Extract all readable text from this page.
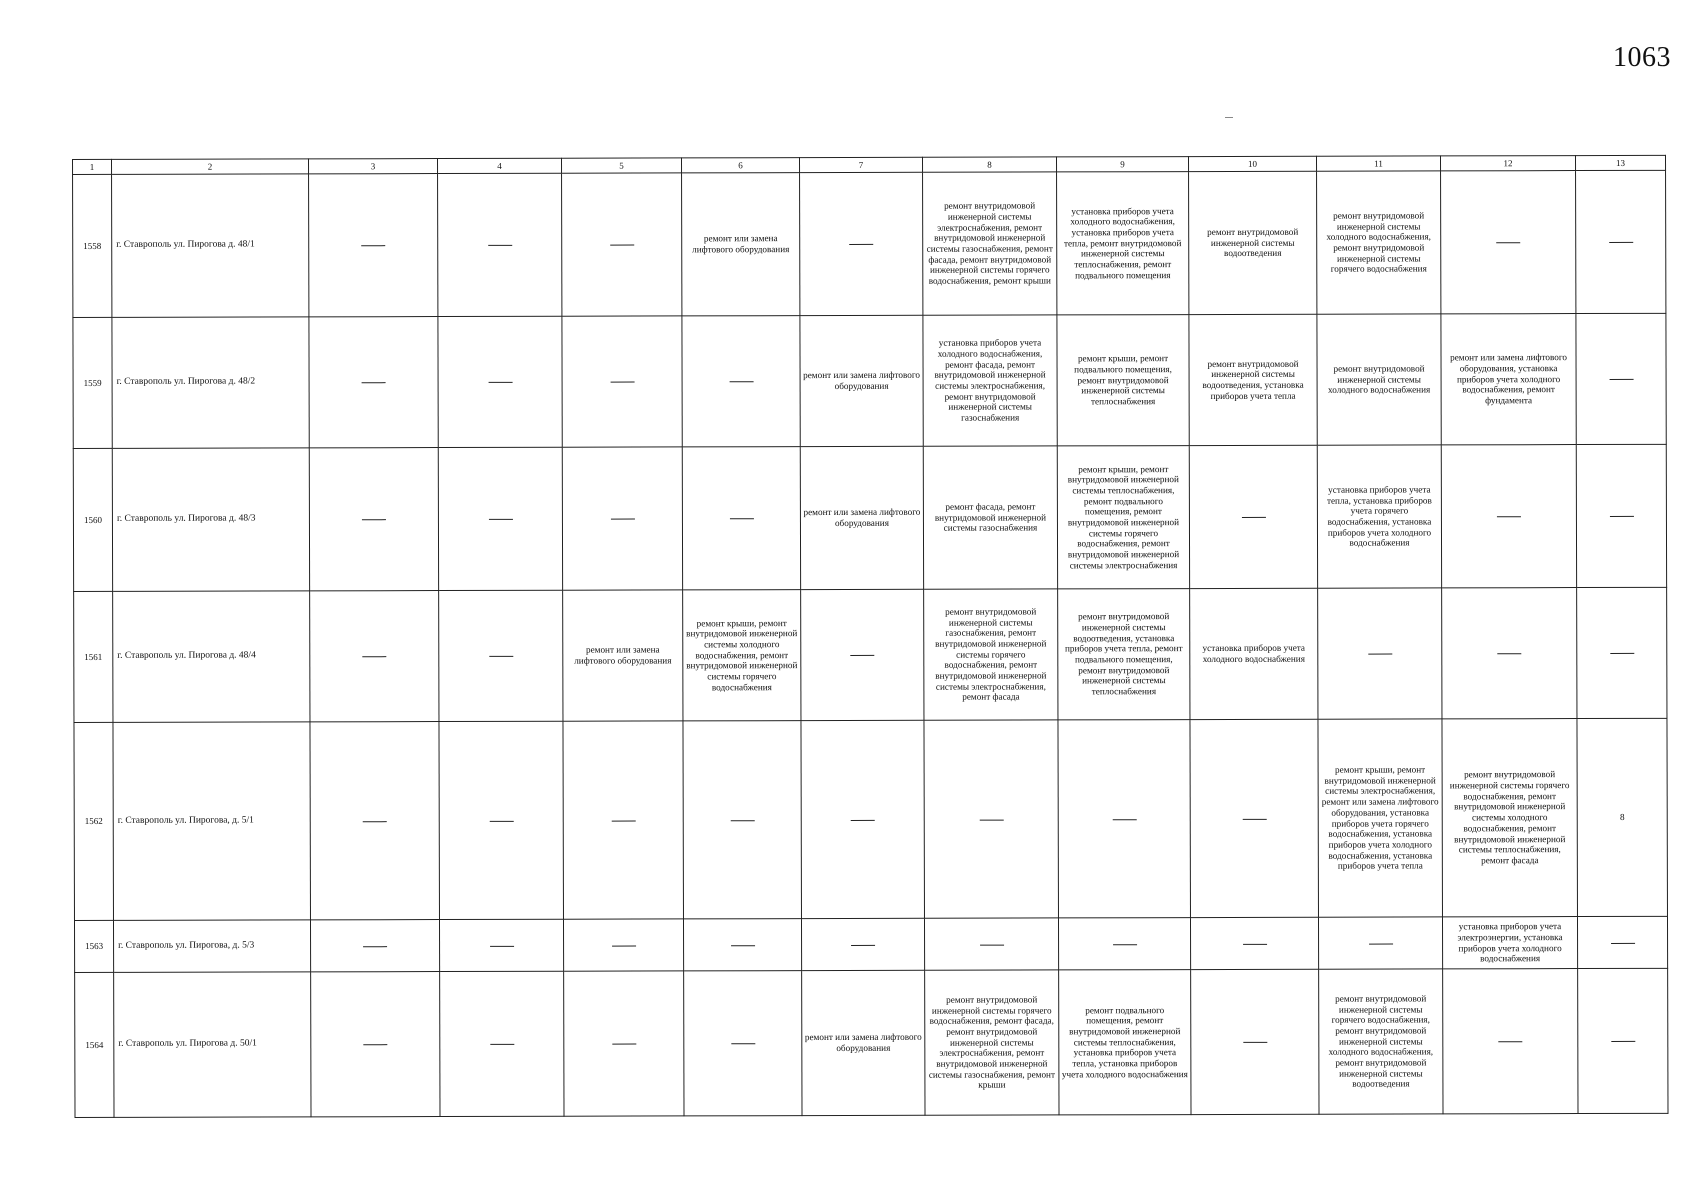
1063
1	2	3	4	5	6	7	8	9	10	11	12	13
1558	г. Ставрополь ул. Пирогова д. 48/1				ремонт или замена лифтового оборудования		ремонт внутридомовой инженерной системы электроснабжения, ремонт внутридомовой инженерной системы газоснабжения, ремонт фасада, ремонт внутридомовой инженерной системы горячего водоснабжения, ремонт крыши	установка приборов учета холодного водоснабжения, установка приборов учета тепла, ремонт внутридомовой инженерной системы теплоснабжения, ремонт подвального помещения	ремонт внутридомовой инженерной системы водоотведения	ремонт внутридомовой инженерной системы холодного водоснабжения, ремонт внутридомовой инженерной системы горячего водоснабжения		
1559	г. Ставрополь ул. Пирогова д. 48/2					ремонт или замена лифтового оборудования	установка приборов учета холодного водоснабжения, ремонт фасада, ремонт внутридомовой инженерной системы электроснабжения, ремонт внутридомовой инженерной системы газоснабжения	ремонт крыши, ремонт подвального помещения, ремонт внутридомовой инженерной системы теплоснабжения	ремонт внутридомовой инженерной системы водоотведения, установка приборов учета тепла	ремонт внутридомовой инженерной системы холодного водоснабжения	ремонт или замена лифтового оборудования, установка приборов учета холодного водоснабжения, ремонт фундамента	
1560	г. Ставрополь ул. Пирогова д. 48/3					ремонт или замена лифтового оборудования	ремонт фасада, ремонт внутридомовой инженерной системы газоснабжения	ремонт крыши, ремонт внутридомовой инженерной системы теплоснабжения, ремонт подвального помещения, ремонт внутридомовой инженерной системы горячего водоснабжения, ремонт внутридомовой инженерной системы электроснабжения		установка приборов учета тепла, установка приборов учета горячего водоснабжения, установка приборов учета холодного водоснабжения		
1561	г. Ставрополь ул. Пирогова д. 48/4			ремонт или замена лифтового оборудования	ремонт крыши, ремонт внутридомовой инженерной системы холодного водоснабжения, ремонт внутридомовой инженерной системы горячего водоснабжения		ремонт внутридомовой инженерной системы газоснабжения, ремонт внутридомовой инженерной системы горячего водоснабжения, ремонт внутридомовой инженерной системы электроснабжения, ремонт фасада	ремонт внутридомовой инженерной системы водоотведения, установка приборов учета тепла, ремонт подвального помещения, ремонт внутридомовой инженерной системы теплоснабжения	установка приборов учета холодного водоснабжения			
1562	г. Ставрополь ул. Пирогова, д. 5/1									ремонт крыши, ремонт внутридомовой инженерной системы электроснабжения, ремонт или замена лифтового оборудования, установка приборов учета горячего водоснабжения, установка приборов учета холодного водоснабжения, установка приборов учета тепла	ремонт внутридомовой инженерной системы горячего водоснабжения, ремонт внутридомовой инженерной системы холодного водоснабжения, ремонт внутридомовой инженерной системы теплоснабжения, ремонт фасада	8
1563	г. Ставрополь ул. Пирогова, д. 5/3										установка приборов учета электроэнергии, установка приборов учета холодного водоснабжения	
1564	г. Ставрополь ул. Пирогова д. 50/1					ремонт или замена лифтового оборудования	ремонт внутридомовой инженерной системы горячего водоснабжения, ремонт фасада, ремонт внутридомовой инженерной системы электроснабжения, ремонт внутридомовой инженерной системы газоснабжения, ремонт крыши	ремонт подвального помещения, ремонт внутридомовой инженерной системы теплоснабжения, установка приборов учета тепла, установка приборов учета холодного водоснабжения		ремонт внутридомовой инженерной системы горячего водоснабжения, ремонт внутридомовой инженерной системы холодного водоснабжения, ремонт внутридомовой инженерной системы водоотведения		
